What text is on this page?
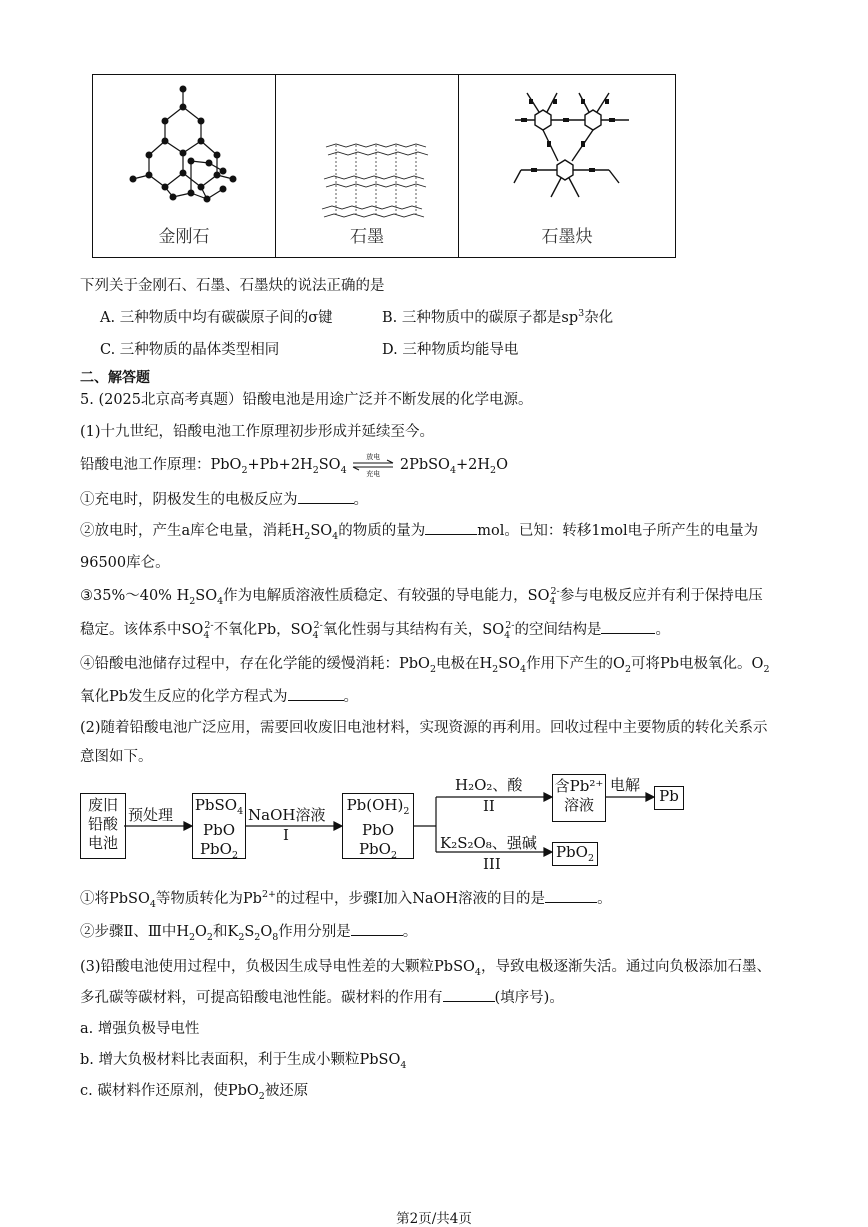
金刚石	石墨	石墨炔
下列关于金刚石、石墨、石墨炔的说法正确的是
A. 三种物质中均有碳碳原子间的σ键	B. 三种物质中的碳原子都是$sp^3$杂化
C. 三种物质的晶体类型相同	D. 三种物质均能导电
二、解答题
5. (2025北京高考真题）铅酸电池是用途广泛并不断发展的化学电源。
(1)十九世纪，铅酸电池工作原理初步形成并延续至今。
铅酸电池工作原理：$PbO_2+Pb+2H_2SO_4$
放电
充电
$2PbSO_4+2H_2O$
①充电时，阴极发生的电极反应为	。
②放电时，产生a库仑电量，消耗$H_2SO_4$的物质的量为	mol。已知：转移1mol电子所产生的电量为
96500库仑。
③35%～40% $H_2SO_4$作为电解质溶液性质稳定、有较强的导电能力，$SO_4^{2-}$参与电极反应并有利于保持电压
稳定。该体系中$SO_4^{2-}$不氧化Pb，$SO_4^{2-}$氧化性弱与其结构有关，$SO_4^{2-}$的空间结构是	。
④铅酸电池储存过程中，存在化学能的缓慢消耗：PbO$_2$电极在$H_2SO_4$作用下产生的$O_2$可将Pb电极氧化。$O_2$
氧化Pb发生反应的化学方程式为	。
(2)随着铅酸电池广泛应用，需要回收废旧电池材料，实现资源的再利用。回收过程中主要物质的转化关系示
意图如下。
废旧
铅酸
电池
预处理
PbSO$_4$
PbO
PbO$_2$
NaOH溶液
I
$Pb(OH)_2$
PbO
PbO$_2$
H₂O₂、酸
II
K₂S₂O₈、强碱
III
含Pb²⁺
溶液
电解
Pb
PbO$_2$
①将PbSO$_4$等物质转化为$Pb^{2+}$的过程中，步骤I加入NaOH溶液的目的是	。
②步骤Ⅱ、Ⅲ中$H_2O_2$和$K_2S_2O_8$作用分别是	。
(3)铅酸电池使用过程中，负极因生成导电性差的大颗粒PbSO$_4$，导致电极逐渐失活。通过向负极添加石墨、
多孔碳等碳材料，可提高铅酸电池性能。碳材料的作用有	(填序号)。
a. 增强负极导电性
b. 增大负极材料比表面积，利于生成小颗粒PbSO$_4$
c. 碳材料作还原剂，使PbO$_2$被还原
第2页/共4页
